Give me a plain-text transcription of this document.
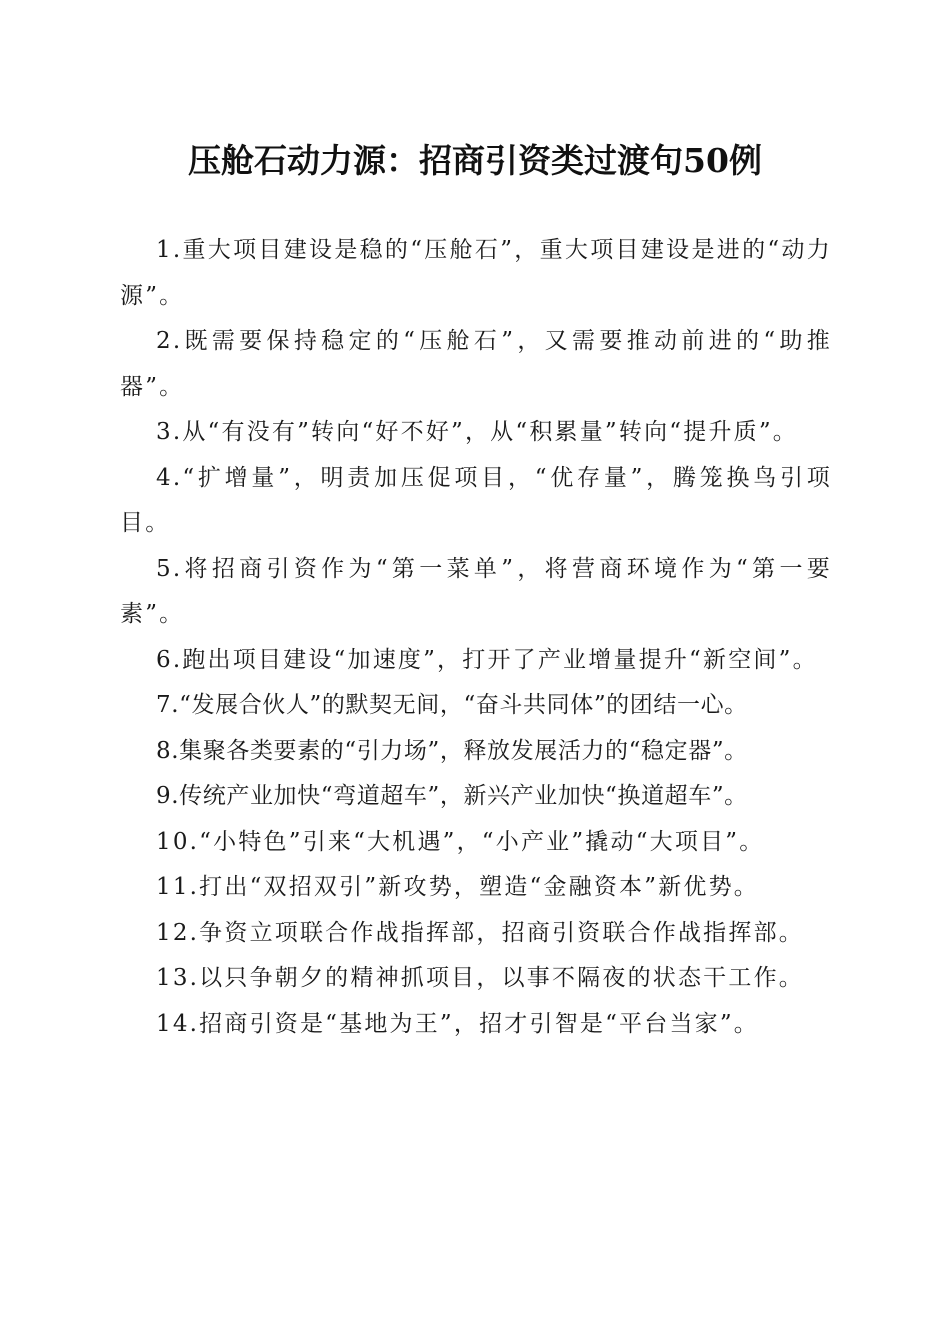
压舱石动力源：招商引资类过渡句50例

1.重大项目建设是稳的“压舱石”，重大项目建设是进的“动力源”。

2.既需要保持稳定的“压舱石”，又需要推动前进的“助推器”。

3.从“有没有”转向“好不好”，从“积累量”转向“提升质”。

4.“扩增量”，明责加压促项目，“优存量”，腾笼换鸟引项目。

5.将招商引资作为“第一菜单”，将营商环境作为“第一要素”。

6.跑出项目建设“加速度”，打开了产业增量提升“新空间”。

7.“发展合伙人”的默契无间，“奋斗共同体”的团结一心。

8.集聚各类要素的“引力场”，释放发展活力的“稳定器”。

9.传统产业加快“弯道超车”，新兴产业加快“换道超车”。

10.“小特色”引来“大机遇”，“小产业”撬动“大项目”。

11.打出“双招双引”新攻势，塑造“金融资本”新优势。

12.争资立项联合作战指挥部，招商引资联合作战指挥部。

13.以只争朝夕的精神抓项目，以事不隔夜的状态干工作。

14.招商引资是“基地为王”，招才引智是“平台当家”。
